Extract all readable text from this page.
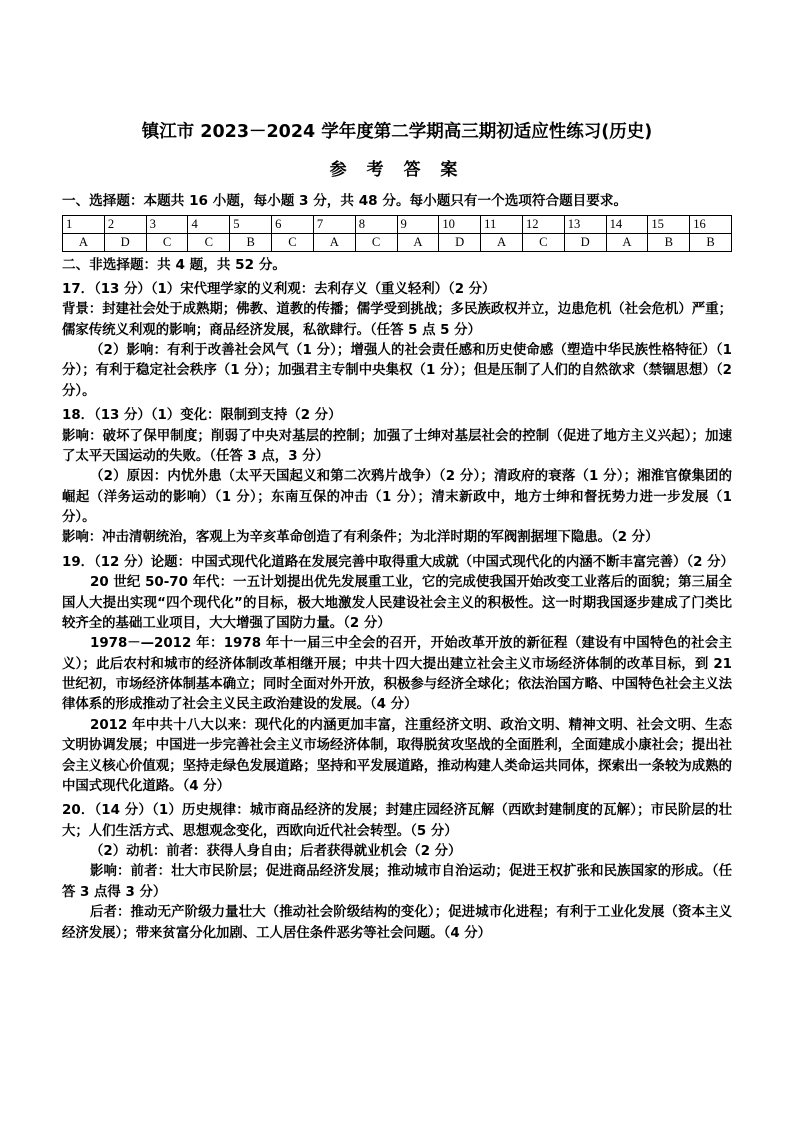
镇江市 2023－2024 学年度第二学期高三期初适应性练习(历史)
参 考 答 案
一、选择题：本题共 16 小题，每小题 3 分，共 48 分。每小题只有一个选项符合题目要求。
1	2	3	4	5	6	7	8	9	10	11	12	13	14	15	16
A	D	C	C	B	C	A	C	A	D	A	C	D	A	B	B
二、非选择题：共 4 题，共 52 分。

17．（13 分）（1）宋代理学家的义利观：去利存义（重义轻利）（2 分）

背景：封建社会处于成熟期；佛教、道教的传播；儒学受到挑战；多民族政权并立，边患危机（社会危机）严重；儒家传统义利观的影响；商品经济发展，私欲肆行。（任答 5 点 5 分）

（2）影响：有利于改善社会风气（1 分）；增强人的社会责任感和历史使命感（塑造中华民族性格特征）（1 分）；有利于稳定社会秩序（1 分）；加强君主专制中央集权（1 分）；但是压制了人们的自然欲求（禁锢思想）（2 分）。

18．（13 分）（1）变化：限制到支持（2 分）

影响：破坏了保甲制度；削弱了中央对基层的控制；加强了士绅对基层社会的控制（促进了地方主义兴起）；加速了太平天国运动的失败。（任答 3 点，3 分）

（2）原因：内忧外患（太平天国起义和第二次鸦片战争）（2 分）；清政府的衰落（1 分）；湘淮官僚集团的崛起（洋务运动的影响）（1 分）；东南互保的冲击（1 分）；清末新政中，地方士绅和督抚势力进一步发展（1 分）。

影响：冲击清朝统治，客观上为辛亥革命创造了有利条件；为北洋时期的军阀割据埋下隐患。（2 分）

19．（12 分）论题：中国式现代化道路在发展完善中取得重大成就（中国式现代化的内涵不断丰富完善）（2 分）

20 世纪 50-70 年代：一五计划提出优先发展重工业，它的完成使我国开始改变工业落后的面貌；第三届全国人大提出实现“四个现代化”的目标，极大地激发人民建设社会主义的积极性。这一时期我国逐步建成了门类比较齐全的基础工业项目，大大增强了国防力量。（2 分）

1978－—2012 年：1978 年十一届三中全会的召开，开始改革开放的新征程（建设有中国特色的社会主义）；此后农村和城市的经济体制改革相继开展；中共十四大提出建立社会主义市场经济体制的改革目标，到 21 世纪初，市场经济体制基本确立；同时全面对外开放，积极参与经济全球化；依法治国方略、中国特色社会主义法律体系的形成推动了社会主义民主政治建设的发展。（4 分）

2012 年中共十八大以来：现代化的内涵更加丰富，注重经济文明、政治文明、精神文明、社会文明、生态文明协调发展；中国进一步完善社会主义市场经济体制，取得脱贫攻坚战的全面胜利，全面建成小康社会；提出社会主义核心价值观；坚持走绿色发展道路；坚持和平发展道路，推动构建人类命运共同体，探索出一条较为成熟的中国式现代化道路。（4 分）

20．（14 分）（1）历史规律：城市商品经济的发展；封建庄园经济瓦解（西欧封建制度的瓦解）；市民阶层的壮大；人们生活方式、思想观念变化，西欧向近代社会转型。（5 分）

（2）动机：前者：获得人身自由；后者获得就业机会（2 分）

影响：前者：壮大市民阶层；促进商品经济发展；推动城市自治运动；促进王权扩张和民族国家的形成。（任答 3 点得 3 分）

后者：推动无产阶级力量壮大（推动社会阶级结构的变化）；促进城市化进程；有利于工业化发展（资本主义经济发展）；带来贫富分化加剧、工人居住条件恶劣等社会问题。（4 分）
